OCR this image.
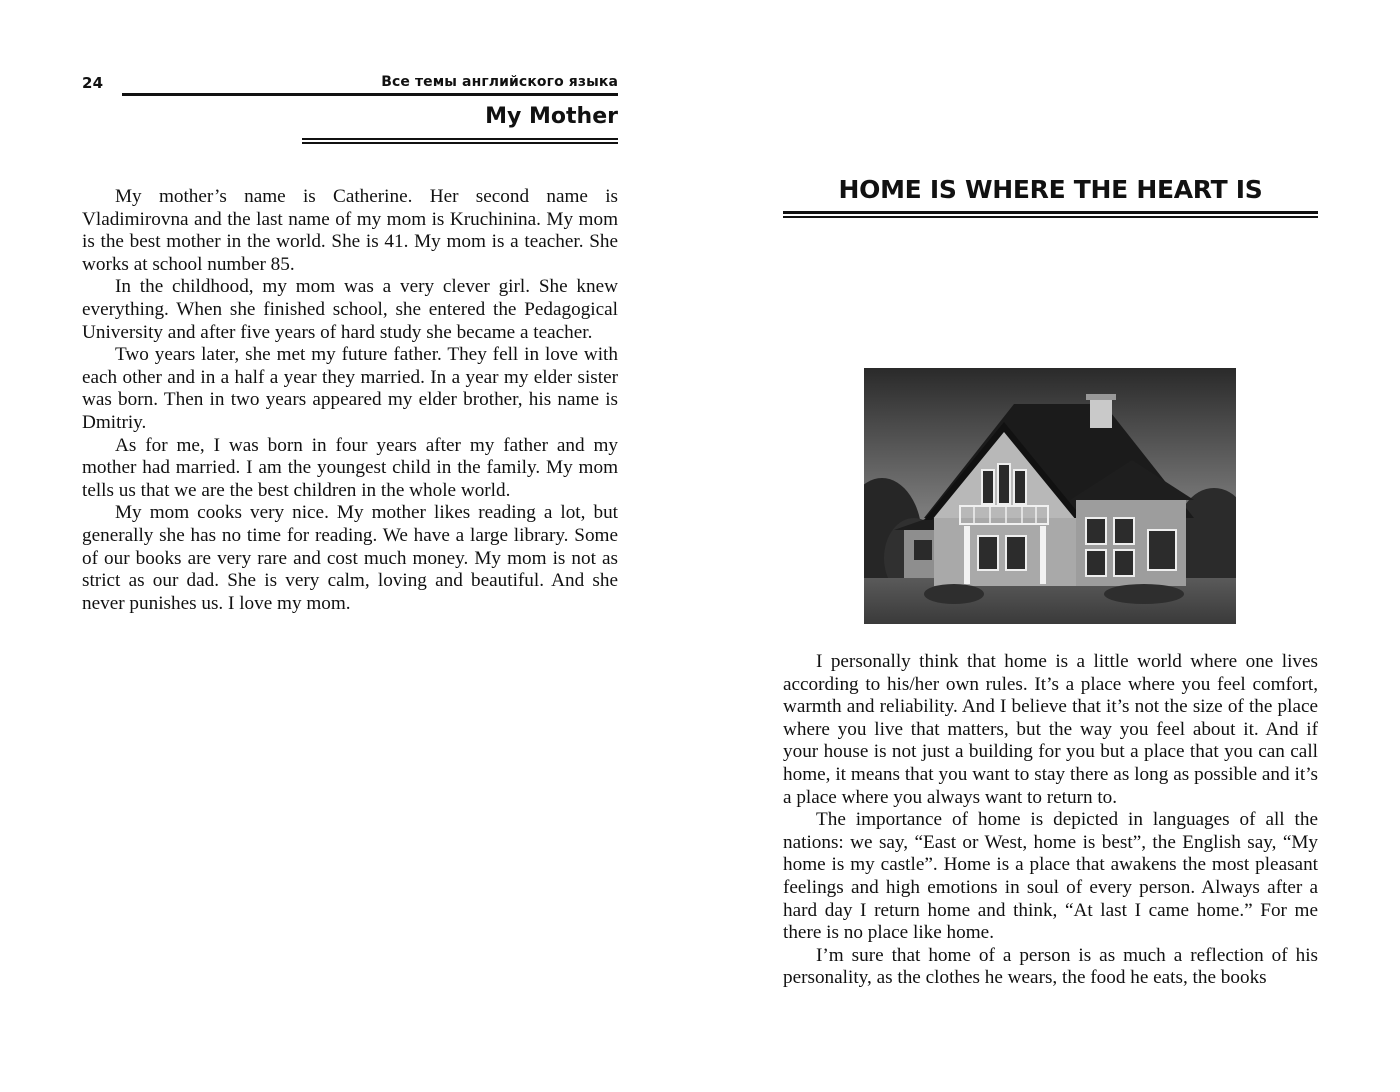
24	Все темы английского языка
My Mother

My mother’s name is Catherine. Her second name is Vladimirovna and the last name of my mom is Kruchinina. My mom is the best mother in the world. She is 41. My mom is a teacher. She works at school number 85.

In the childhood, my mom was a very clever girl. She knew everything. When she finished school, she entered the Pedagogical University and after five years of hard study she became a teacher.

Two years later, she met my future father. They fell in love with each other and in a half a year they married. In a year my elder sister was born. Then in two years appeared my elder brother, his name is Dmitriy.

As for me, I was born in four years after my father and my mother had married. I am the youngest child in the family. My mom tells us that we are the best children in the whole world.

My mom cooks very nice. My mother likes reading a lot, but generally she has no time for reading. We have a large library. Some of our books are very rare and cost much money. My mom is not as strict as our dad. She is very calm, loving and beautiful. And she never punishes us. I love my mom.

HOME IS WHERE THE HEART IS

I personally think that home is a little world where one lives according to his/her own rules. It’s a place where you feel comfort, warmth and reliability. And I believe that it’s not the size of the place where you live that matters, but the way you feel about it. And if your house is not just a building for you but a place that you can call home, it means that you want to stay there as long as possible and it’s a place where you always want to return to.

The importance of home is depicted in languages of all the nations: we say, “East or West, home is best”, the English say, “My home is my castle”. Home is a place that awakens the most pleasant feelings and high emotions in soul of every person. Always after a hard day I return home and think, “At last I came home.” For me there is no place like home.

I’m sure that home of a person is as much a reflection of his personality, as the clothes he wears, the food he eats, the books
